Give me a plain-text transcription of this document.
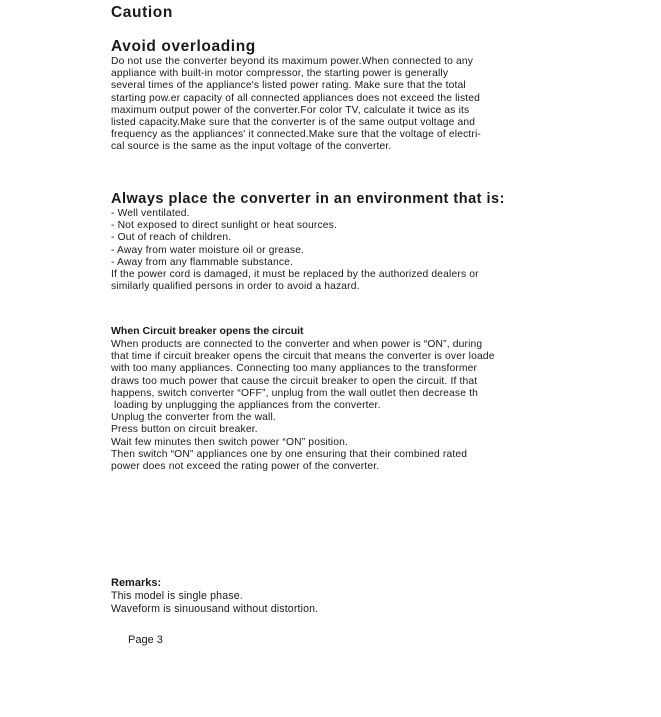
Caution
Avoid overloading
Do not use the converter beyond its maximum power.When connected to any
appliance with built-in motor compressor, the starting power is generally
several times of the appliance's listed power rating. Make sure that the total
starting pow.er capacity of all connected appliances does not exceed the listed
maximum output power of the converter.For color TV, calculate it twice as its
listed capacity.Make sure that the converter is of the same output voltage and
frequency as the appliances' it connected.Make sure that the voltage of electri-
cal source is the same as the input voltage of the converter.
Always place the converter in an environment that is:
- Well ventilated.
- Not exposed to direct sunlight or heat sources.
- Out of reach of children.
- Away from water moisture oil or grease.
- Away from any flammable substance.
If the power cord is damaged, it must be replaced by the authorized dealers or
similarly qualified persons in order to avoid a hazard.
When Circuit breaker opens the circuit
When products are connected to the converter and when power is “ON”, during
that time if circuit breaker opens the circuit that means the converter is over loade
with too many appliances. Connecting too many appliances to the transformer
draws too much power that cause the circuit breaker to open the circuit. If that
happens, switch converter “OFF”, unplug from the wall outlet then decrease th
loading by unplugging the appliances from the converter.
Unplug the converter from the wall.
Press button on circuit breaker.
Wait few minutes then switch power “ON” position.
Then switch “ON” appliances one by one ensuring that their combined rated
power does not exceed the rating power of the converter.
Remarks:
This model is single phase.
Waveform is sinuousand without distortion.
Page 3
